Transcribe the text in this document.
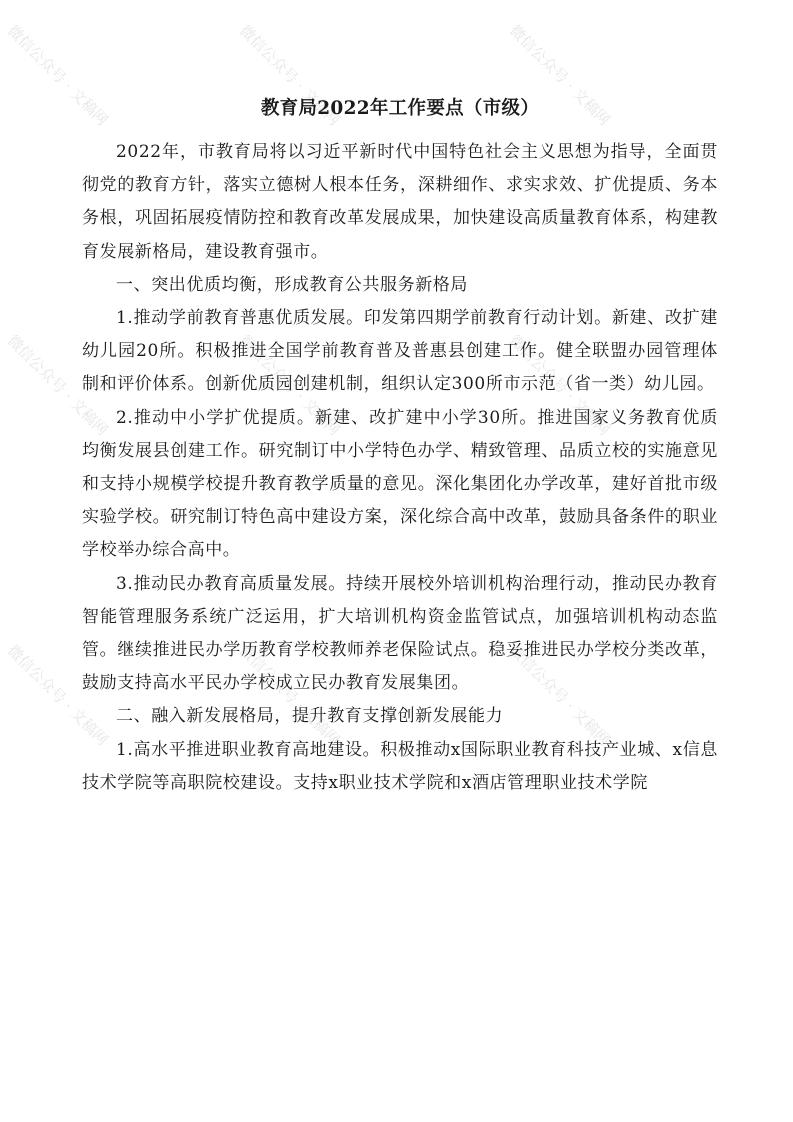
微信公众号 · 文稿网	微信公众号 · 文稿网	微信公众号 · 文稿网
微信公众号 · 文稿网	微信公众号 · 文稿网	微信公众号 · 文稿网
微信公众号 · 文稿网	微信公众号 · 文稿网	微信公众号 · 文稿网
教育局2022年工作要点（市级）

2022年，市教育局将以习近平新时代中国特色社会主义思想为指导，全面贯彻党的教育方针，落实立德树人根本任务，深耕细作、求实求效、扩优提质、务本务根，巩固拓展疫情防控和教育改革发展成果，加快建设高质量教育体系，构建教育发展新格局，建设教育强市。

一、突出优质均衡，形成教育公共服务新格局

1.推动学前教育普惠优质发展。印发第四期学前教育行动计划。新建、改扩建幼儿园20所。积极推进全国学前教育普及普惠县创建工作。健全联盟办园管理体制和评价体系。创新优质园创建机制，组织认定300所市示范（省一类）幼儿园。

2.推动中小学扩优提质。新建、改扩建中小学30所。推进国家义务教育优质均衡发展县创建工作。研究制订中小学特色办学、精致管理、品质立校的实施意见和支持小规模学校提升教育教学质量的意见。深化集团化办学改革，建好首批市级实验学校。研究制订特色高中建设方案，深化综合高中改革，鼓励具备条件的职业学校举办综合高中。

3.推动民办教育高质量发展。持续开展校外培训机构治理行动，推动民办教育智能管理服务系统广泛运用，扩大培训机构资金监管试点，加强培训机构动态监管。继续推进民办学历教育学校教师养老保险试点。稳妥推进民办学校分类改革，鼓励支持高水平民办学校成立民办教育发展集团。

二、融入新发展格局，提升教育支撑创新发展能力

1.高水平推进职业教育高地建设。积极推动x国际职业教育科技产业城、x信息技术学院等高职院校建设。支持x职业技术学院和x酒店管理职业技术学院
